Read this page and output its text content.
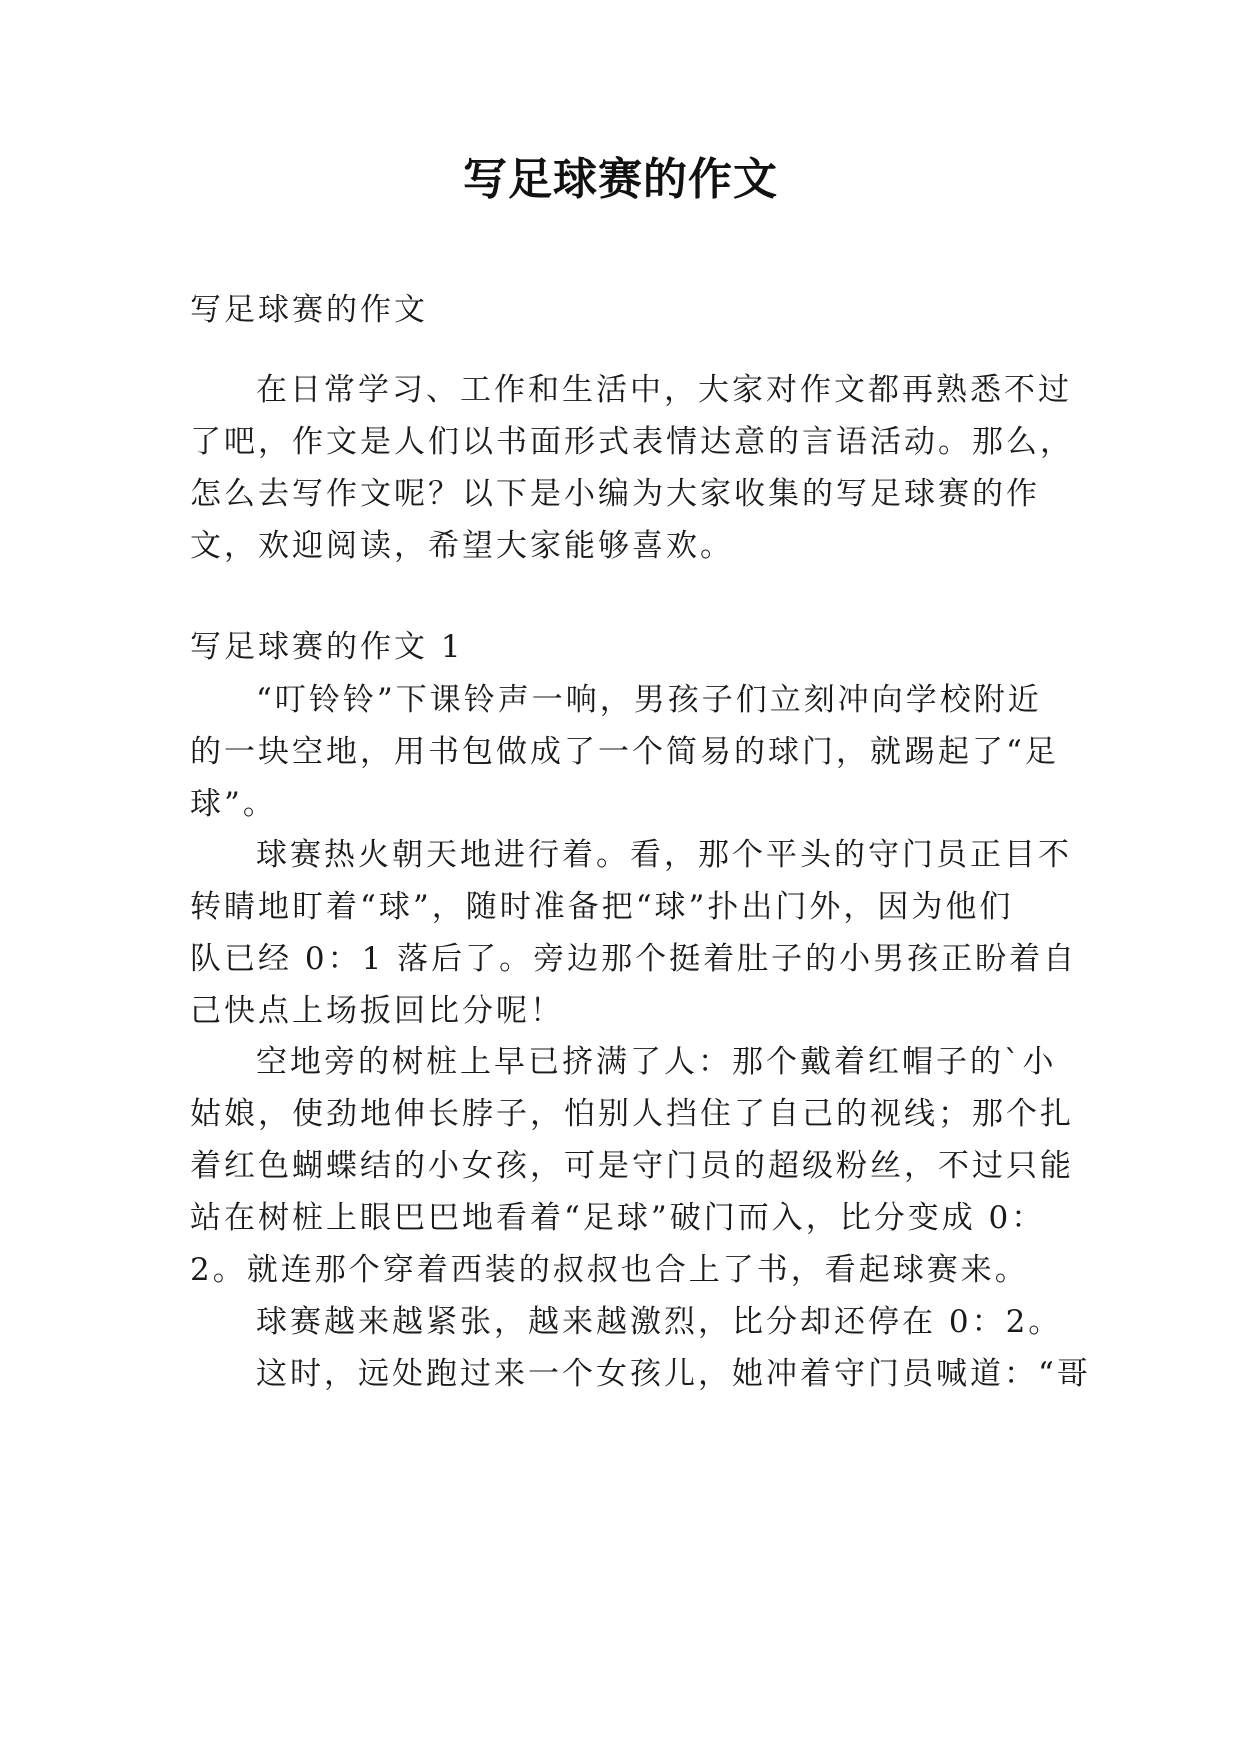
写足球赛的作文
写足球赛的作文
在日常学习、工作和生活中，大家对作文都再熟悉不过
了吧，作文是人们以书面形式表情达意的言语活动。那么，
怎么去写作文呢？以下是小编为大家收集的写足球赛的作
文，欢迎阅读，希望大家能够喜欢。
写足球赛的作文 1
“叮铃铃”下课铃声一响，男孩子们立刻冲向学校附近
的一块空地，用书包做成了一个简易的球门，就踢起了“足
球”。
球赛热火朝天地进行着。看，那个平头的守门员正目不
转睛地盯着“球”，随时准备把“球”扑出门外，因为他们
队已经 0：1 落后了。旁边那个挺着肚子的小男孩正盼着自
己快点上场扳回比分呢！
空地旁的树桩上早已挤满了人：那个戴着红帽子的`小
姑娘，使劲地伸长脖子，怕别人挡住了自己的视线；那个扎
着红色蝴蝶结的小女孩，可是守门员的超级粉丝，不过只能
站在树桩上眼巴巴地看着“足球”破门而入，比分变成 0：
2。就连那个穿着西装的叔叔也合上了书，看起球赛来。
球赛越来越紧张，越来越激烈，比分却还停在 0：2。
这时，远处跑过来一个女孩儿，她冲着守门员喊道：“哥
